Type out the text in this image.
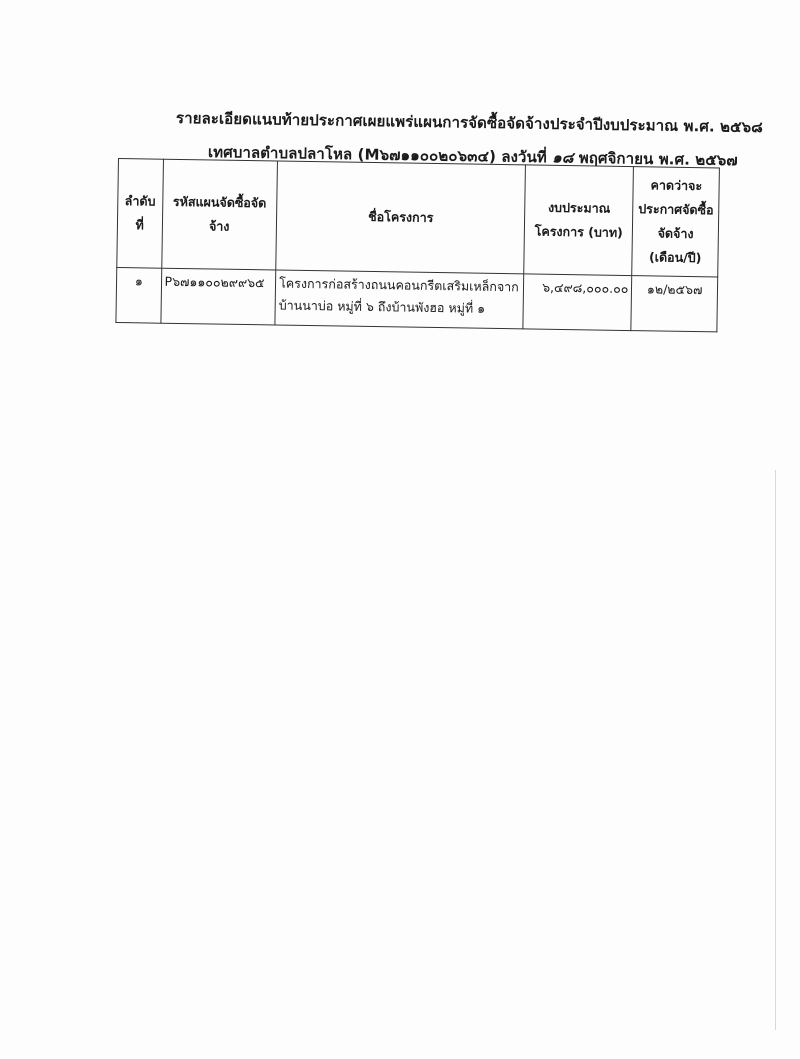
รายละเอียดแนบท้ายประกาศเผยแพร่แผนการจัดซื้อจัดจ้างประจำปีงบประมาณ พ.ศ. ๒๕๖๘
เทศบาลตำบลปลาโหล (M๖๗๑๑๐๐๒๐๖๓๔) ลงวันที่ ๑๘ พฤศจิกายน พ.ศ. ๒๕๖๗
ลำดับที่	รหัสแผนจัดซื้อจัดจ้าง	ชื่อโครงการ	งบประมาณโครงการ (บาท)	คาดว่าจะประกาศจัดซื้อจัดจ้าง (เดือน/ปี)
๑	P๖๗๑๑๐๐๒๙๙๖๕	โครงการก่อสร้างถนนคอนกรีตเสริมเหล็กจากบ้านนาบ่อ หมู่ที่ ๖ ถึงบ้านพังฮอ หมู่ที่ ๑	๖,๔๙๘,๐๐๐.๐๐	๑๒/๒๕๖๗
